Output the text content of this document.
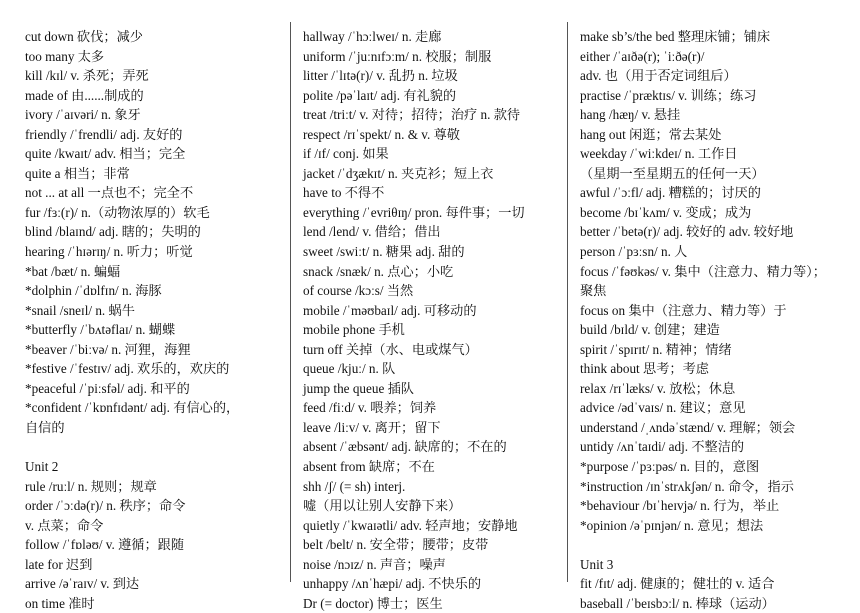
cut down 砍伐；减少
too many 太多
kill /kɪl/ v. 杀死；弄死
made of 由......制成的
ivory /ˈaɪvəri/ n. 象牙
friendly /ˈfrendli/ adj. 友好的
quite /kwaɪt/ adv. 相当；完全
quite a 相当；非常
not ... at all 一点也不；完全不
fur /fɜː(r)/ n.（动物浓厚的）软毛
blind /blaɪnd/ adj. 瞎的；失明的
hearing /ˈhɪərɪŋ/ n. 听力；听觉
*bat /bæt/ n. 蝙蝠
*dolphin /ˈdɒlfɪn/ n. 海豚
*snail /sneɪl/ n. 蜗牛
*butterfly /ˈbʌtəflaɪ/ n. 蝴蝶
*beaver /ˈbiːvə/ n. 河狸，海狸
*festive /ˈfestɪv/ adj. 欢乐的，欢庆的
*peaceful /ˈpiːsfəl/ adj. 和平的
*confident /ˈkɒnfɪdənt/ adj. 有信心的，
自信的
Unit 2
rule /ruːl/ n. 规则；规章
order /ˈɔːdə(r)/ n. 秩序；命令
v. 点菜；命令
follow /ˈfɒləʊ/ v. 遵循；跟随
late for 迟到
arrive /əˈraɪv/ v. 到达
on time 准时
hallway /ˈhɔːlweɪ/ n. 走廊
uniform /ˈjuːnɪfɔːm/ n. 校服；制服
litter /ˈlɪtə(r)/ v. 乱扔 n. 垃圾
polite /pəˈlaɪt/ adj. 有礼貌的
treat /triːt/ v. 对待；招待；治疗 n. 款待
respect /rɪˈspekt/ n. & v. 尊敬
if /ɪf/ conj. 如果
jacket /ˈdʒækɪt/ n. 夹克衫；短上衣
have to 不得不
everything /ˈevriθɪŋ/ pron. 每件事；一切
lend /lend/ v. 借给；借出
sweet /swiːt/ n. 糖果 adj. 甜的
snack /snæk/ n. 点心；小吃
of course /kɔːs/ 当然
mobile /ˈməʊbaɪl/ adj. 可移动的
mobile phone 手机
turn off 关掉（水、电或煤气）
queue /kjuː/ n. 队
jump the queue 插队
feed /fiːd/ v. 喂养；饲养
leave /liːv/ v. 离开；留下
absent /ˈæbsənt/ adj. 缺席的；不在的
absent from 缺席；不在
shh /ʃ/ (= sh) interj.
嘘（用以让别人安静下来）
quietly /ˈkwaɪətli/ adv. 轻声地；安静地
belt /belt/ n. 安全带；腰带；皮带
noise /nɔɪz/ n. 声音；噪声
unhappy /ʌnˈhæpi/ adj. 不快乐的
Dr (= doctor) 博士；医生
make sb’s/the bed 整理床铺；铺床
either /ˈaɪðə(r); ˈiːðə(r)/
adv. 也（用于否定词组后）
practise /ˈpræktɪs/ v. 训练；练习
hang /hæŋ/ v. 悬挂
hang out 闲逛；常去某处
weekday /ˈwiːkdeɪ/ n. 工作日
（星期一至星期五的任何一天）
awful /ˈɔːfl/ adj. 糟糕的；讨厌的
become /bɪˈkʌm/ v. 变成；成为
better /ˈbetə(r)/ adj. 较好的 adv. 较好地
person /ˈpɜːsn/ n. 人
focus /ˈfəʊkəs/ v. 集中（注意力、精力等）；
聚焦
focus on 集中（注意力、精力等）于
build /bɪld/ v. 创建；建造
spirit /ˈspɪrɪt/ n. 精神；情绪
think about 思考；考虑
relax /rɪˈlæks/ v. 放松；休息
advice /ədˈvaɪs/ n. 建议；意见
understand /ˌʌndəˈstænd/ v. 理解；领会
untidy /ʌnˈtaɪdi/ adj. 不整洁的
*purpose /ˈpɜːpəs/ n. 目的，意图
*instruction /ɪnˈstrʌkʃən/ n. 命令，指示
*behaviour /bɪˈheɪvjə/ n. 行为，举止
*opinion /əˈpɪnjən/ n. 意见；想法
Unit 3
fit /fɪt/ adj. 健康的；健壮的 v. 适合
baseball /ˈbeɪsbɔːl/ n. 棒球（运动）
